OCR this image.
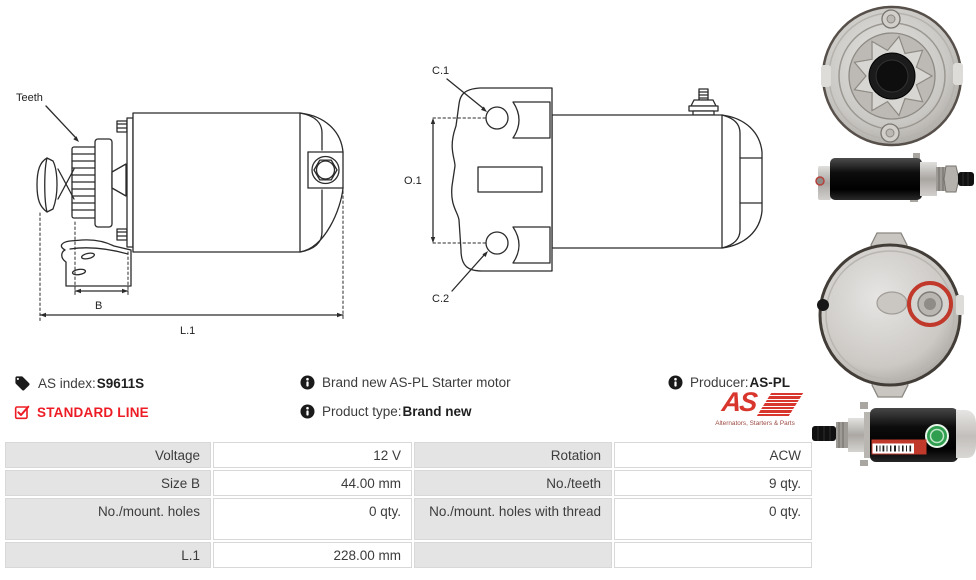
Teeth
B
L.1
C.1
C.2
O.1
AS index:S9611S
STANDARD LINE
Brand new AS-PL Starter motor
Product type:Brand new
Producer:AS-PL
AS
Alternators, Starters & Parts
Voltage	12 V	Rotation	ACW
Size B	44.00 mm	No./teeth	9 qty.
No./mount. holes	0 qty.	No./mount. holes with thread	0 qty.
L.1	228.00 mm
